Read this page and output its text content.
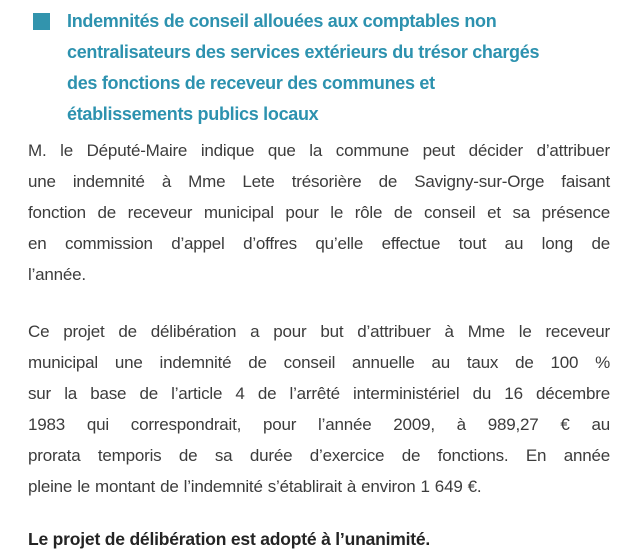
Indemnités de conseil allouées aux comptables non
centralisateurs des services extérieurs du trésor chargés
des fonctions de receveur des communes et
établissements publics locaux
M. le Député-Maire indique que la commune peut décider d’attribuer
une indemnité à Mme Lete trésorière de Savigny-sur-Orge faisant
fonction de receveur municipal pour le rôle de conseil et sa présence
en commission d’appel d’offres qu’elle effectue tout au long de
l’année.
Ce projet de délibération a pour but d’attribuer à Mme le receveur
municipal une indemnité de conseil annuelle au taux de 100 %
sur la base de l’article 4 de l’arrêté interministériel du 16 décembre
1983 qui correspondrait, pour l’année 2009, à 989,27 € au
prorata temporis de sa durée d’exercice de fonctions. En année
pleine le montant de l’indemnité s’établirait à environ 1 649 €.

Le projet de délibération est adopté à l’unanimité.
